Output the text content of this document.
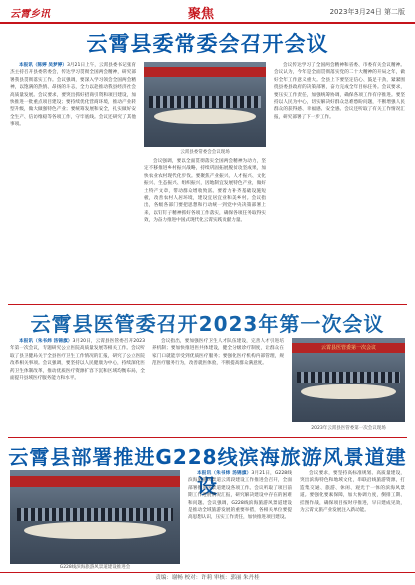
云霄乡讯	聚焦	2023年3月24日 第二版
云霄县委常委会召开会议

本报讯（陈婷 吴梦婷）3月21日上午，云霄县委书记张育杰主持召开县委常委会，传达学习贯彻全国两会精神，研究部署我县贯彻落实工作。会议强调，要深入学习领会全国两会精神，以饱满的热情、昂扬的斗志，全力以赴推动我县经济社会高质量发展。会议要求，要突出抓好招商引资和项目建设，加快推进一批重点项目建设；要持续优化营商环境，推动产业转型升级，做大做强特色产业；要统筹发展和安全，扎实做好安全生产、信访维稳等各项工作，守牢底线。会议还研究了其他事项。

云霄县委常委会会议现场

会议强调，要以全面贯彻落实全国两会精神为动力，坚定不移推进乡村振兴战略，持续巩固拓展脱贫攻坚成果，加快农业农村现代化步伐。要聚焦产业振兴、人才振兴、文化振兴、生态振兴、组织振兴，因地制宜发展特色产业，做好土特产文章，带动群众增收致富。要着力补齐基础设施短板，改善农村人居环境，建设宜居宜业和美乡村。会议指出，各级各部门要把思想和行动统一到党中央决策部署上来，以钉钉子精神抓好各项工作落实，确保各项任务取得实效，为奋力推进中国式现代化云霄实践贡献力量。

会议传达学习了全国两会精神和省委、市委有关会议精神。会议认为，今年是全面贯彻落实党的二十大精神的开局之年，做好全年工作意义重大。全县上下要坚定信心、鼓足干劲，紧紧围绕县委县政府的决策部署，奋力完成全年目标任务。会议要求，要压实工作责任，加强统筹协调，确保各项工作有序推进。要坚持以人民为中心，切实解决好群众急难愁盼问题，不断增强人民群众的获得感、幸福感、安全感。会议还听取了有关工作情况汇报，研究部署了下一步工作。

云霄县医管委召开2023年第一次会议

本报讯（朱书炜 汤锦旗）3月20日，云霄县医管委召开2023年第一次会议，专题研究公立医院高质量发展等相关工作。会议听取了县卫健局关于全县医疗卫生工作情况的汇报，研究了公立医院改革相关事项。会议强调，要坚持以人民健康为中心，持续深化医药卫生体制改革，推动优质医疗资源扩容下沉和区域均衡布局，全面提升县域医疗服务能力和水平。

会议指出，要加强医疗卫生人才队伍建设，完善人才引进培养机制；要加快推进医共体建设，健全分级诊疗制度，让群众在家门口就能享受到优质医疗服务；要强化医疗机构内部管理，规范医疗服务行为，改善就医体验，不断提高群众满意度。

云霄县医管委第一次会议
2023年云霄县医管委第一次会议现场
云霄县部署推进G228线滨海旅游风景道建设
G228线滨海旅游风景道建设推进会

本报讯（朱书炜 汤锦旗）3月21日，G228线滨海旅游风景道云霄段建设工作推进会召开，全面部署推进风景道建设各项工作。会议听取了项目前期工作进展情况汇报，研究解决建设中存在的困难和问题。会议强调，G228线滨海旅游风景道建设是推动全域旅游发展的重要举措，各相关单位要提高思想认识，压实工作责任，加快推进项目建设。

会议要求，要坚持高标准规划、高质量建设，突出滨海特色和地域文化，串联沿线旅游资源，打造集交通、旅游、休闲、观光于一体的滨海风景道。要强化要素保障，加大协调力度，倒排工期、挂图作战，确保项目按时序推进，早日建成见效，为云霄文旅产业发展注入新动能。

责编：谢畅 校对：许莉 审核：郭丽 朱丹桂
